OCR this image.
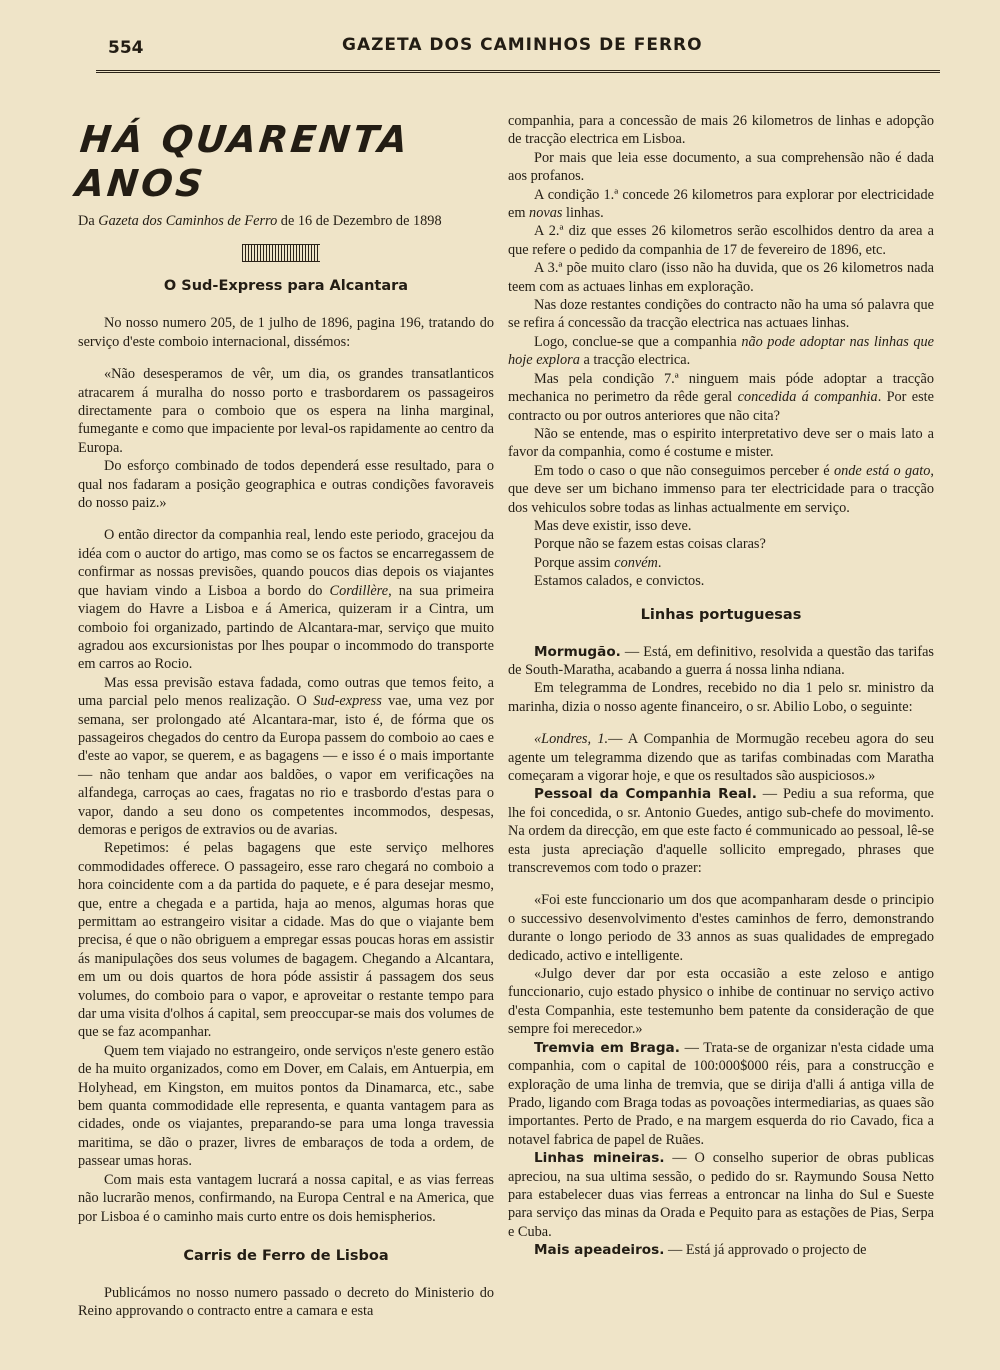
554	GAZETA DOS CAMINHOS DE FERRO
HÁ QUARENTA ANOS
Da Gazeta dos Caminhos de Ferro de 16 de Dezembro de 1898
O Sud-Express para Alcantara

No nosso numero 205, de 1 julho de 1896, pagina 196, tratando do serviço d'este comboio internacional, dissémos:

«Não desesperamos de vêr, um dia, os grandes transatlanticos atracarem á muralha do nosso porto e trasbordarem os passageiros directamente para o comboio que os espera na linha marginal, fumegante e como que impaciente por leval-os rapidamente ao centro da Europa.

Do esforço combinado de todos dependerá esse resultado, para o qual nos fadaram a posição geographica e outras condições favoraveis do nosso paiz.»

O então director da companhia real, lendo este periodo, gracejou da idéa com o auctor do artigo, mas como se os factos se encarregassem de confirmar as nossas previsões, quando poucos dias depois os viajantes que haviam vindo a Lisboa a bordo do Cordillère, na sua primeira viagem do Havre a Lisboa e á America, quizeram ir a Cintra, um comboio foi organizado, partindo de Alcantara-mar, serviço que muito agradou aos excursionistas por lhes poupar o incommodo do transporte em carros ao Rocio.

Mas essa previsão estava fadada, como outras que temos feito, a uma parcial pelo menos realização. O Sud-express vae, uma vez por semana, ser prolongado até Alcantara-mar, isto é, de fórma que os passageiros chegados do centro da Europa passem do comboio ao caes e d'este ao vapor, se querem, e as bagagens — e isso é o mais importante — não tenham que andar aos baldões, o vapor em verificações na alfandega, carroças ao caes, fragatas no rio e trasbordo d'estas para o vapor, dando a seu dono os competentes incommodos, despesas, demoras e perigos de extravios ou de avarias.

Repetimos: é pelas bagagens que este serviço melhores commodidades offerece. O passageiro, esse raro chegará no comboio a hora coincidente com a da partida do paquete, e é para desejar mesmo, que, entre a chegada e a partida, haja ao menos, algumas horas que permittam ao estrangeiro visitar a cidade. Mas do que o viajante bem precisa, é que o não obriguem a empregar essas poucas horas em assistir ás manipulações dos seus volumes de bagagem. Chegando a Alcantara, em um ou dois quartos de hora póde assistir á passagem dos seus volumes, do comboio para o vapor, e aproveitar o restante tempo para dar uma visita d'olhos á capital, sem preoccupar-se mais dos volumes de que se faz acompanhar.

Quem tem viajado no estrangeiro, onde serviços n'este genero estão de ha muito organizados, como em Dover, em Calais, em Antuerpia, em Holyhead, em Kingston, em muitos pontos da Dinamarca, etc., sabe bem quanta commodidade elle representa, e quanta vantagem para as cidades, onde os viajantes, preparando-se para uma longa travessia maritima, se dão o prazer, livres de embaraços de toda a ordem, de passear umas horas.

Com mais esta vantagem lucrará a nossa capital, e as vias ferreas não lucrarão menos, confirmando, na Europa Central e na America, que por Lisboa é o caminho mais curto entre os dois hemispherios.

Carris de Ferro de Lisboa

Publicámos no nosso numero passado o decreto do Ministerio do Reino approvando o contracto entre a camara e esta

companhia, para a concessão de mais 26 kilometros de linhas e adopção de tracção electrica em Lisboa.

Por mais que leia esse documento, a sua comprehensão não é dada aos profanos.

A condição 1.ª concede 26 kilometros para explorar por electricidade em novas linhas.

A 2.ª diz que esses 26 kilometros serão escolhidos dentro da area a que refere o pedido da companhia de 17 de fevereiro de 1896, etc.

A 3.ª põe muito claro (isso não ha duvida, que os 26 kilometros nada teem com as actuaes linhas em exploração.

Nas doze restantes condições do contracto não ha uma só palavra que se refira á concessão da tracção electrica nas actuaes linhas.

Logo, conclue-se que a companhia não pode adoptar nas linhas que hoje explora a tracção electrica.

Mas pela condição 7.ª ninguem mais póde adoptar a tracção mechanica no perimetro da rêde geral concedida á companhia. Por este contracto ou por outros anteriores que não cita?

Não se entende, mas o espirito interpretativo deve ser o mais lato a favor da companhia, como é costume e mister.

Em todo o caso o que não conseguimos perceber é onde está o gato, que deve ser um bichano immenso para ter electricidade para o tracção dos vehiculos sobre todas as linhas actualmente em serviço.

Mas deve existir, isso deve.

Porque não se fazem estas coisas claras?

Porque assim convém.

Estamos calados, e convictos.

Linhas portuguesas

Mormugão. — Está, em definitivo, resolvida a questão das tarifas de South-Maratha, acabando a guerra á nossa linha ndiana.

Em telegramma de Londres, recebido no dia 1 pelo sr. ministro da marinha, dizia o nosso agente financeiro, o sr. Abilio Lobo, o seguinte:

«Londres, 1.— A Companhia de Mormugão recebeu agora do seu agente um telegramma dizendo que as tarifas combinadas com Maratha começaram a vigorar hoje, e que os resultados são auspiciosos.»

Pessoal da Companhia Real. — Pediu a sua reforma, que lhe foi concedida, o sr. Antonio Guedes, antigo sub-chefe do movimento. Na ordem da direcção, em que este facto é communicado ao pessoal, lê-se esta justa apreciação d'aquelle sollicito empregado, phrases que transcrevemos com todo o prazer:

«Foi este funccionario um dos que acompanharam desde o principio o successivo desenvolvimento d'estes caminhos de ferro, demonstrando durante o longo periodo de 33 annos as suas qualidades de empregado dedicado, activo e intelligente.

«Julgo dever dar por esta occasião a este zeloso e antigo funccionario, cujo estado physico o inhibe de continuar no serviço activo d'esta Companhia, este testemunho bem patente da consideração de que sempre foi merecedor.»

Tremvia em Braga. — Trata-se de organizar n'esta cidade uma companhia, com o capital de 100:000$000 réis, para a construcção e exploração de uma linha de tremvia, que se dirija d'alli á antiga villa de Prado, ligando com Braga todas as povoações intermediarias, as quaes são importantes. Perto de Prado, e na margem esquerda do rio Cavado, fica a notavel fabrica de papel de Ruães.

Linhas mineiras. — O conselho superior de obras publicas apreciou, na sua ultima sessão, o pedido do sr. Raymundo Sousa Netto para estabelecer duas vias ferreas a entroncar na linha do Sul e Sueste para serviço das minas da Orada e Pequito para as estações de Pias, Serpa e Cuba.

Mais apeadeiros. — Está já approvado o projecto de
